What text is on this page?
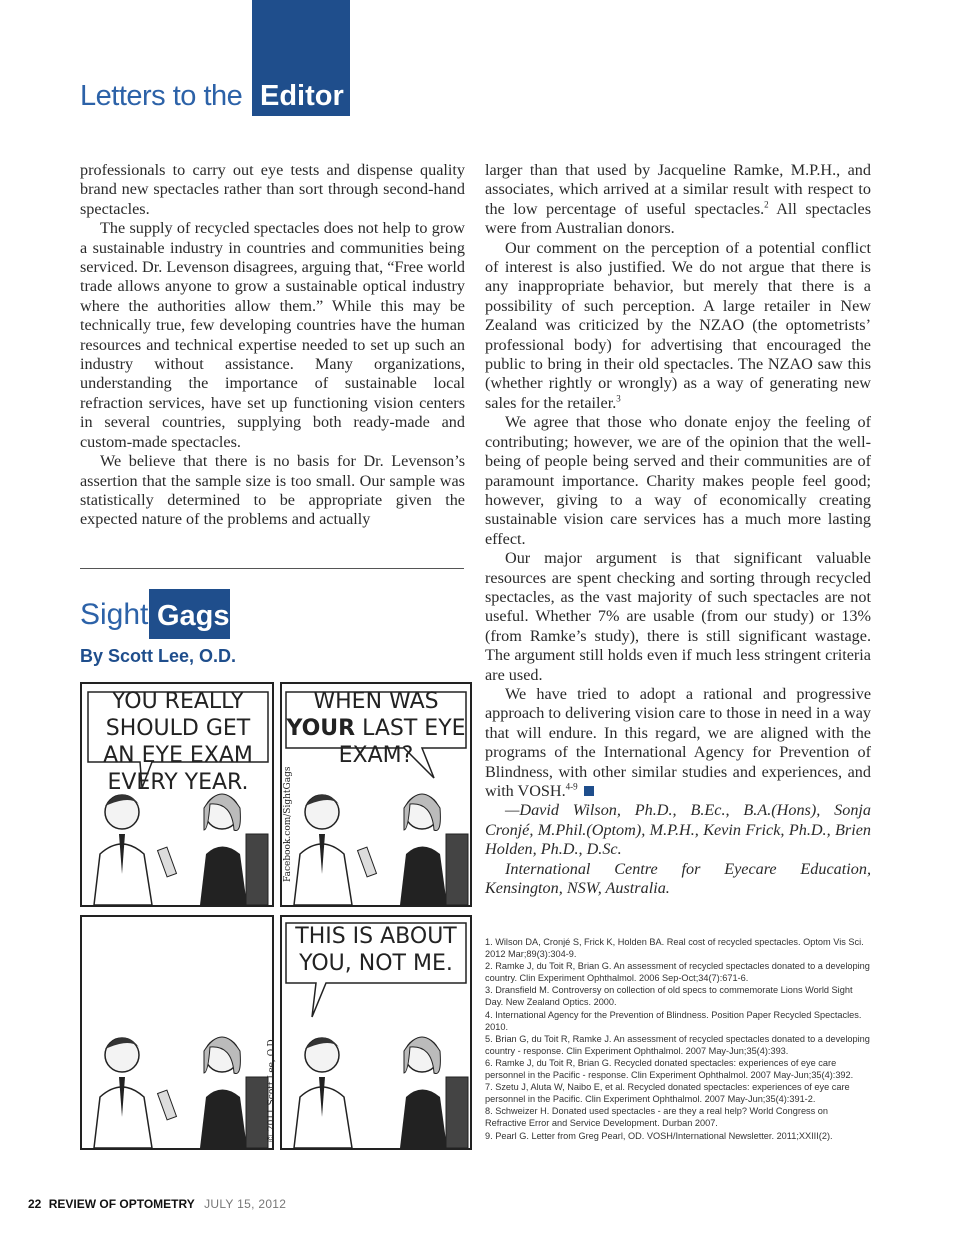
Letters to the Editor

professionals to carry out eye tests and dispense quality brand new spectacles rather than sort through second-hand spectacles.

The supply of recycled spectacles does not help to grow a sustainable industry in countries and communities being serviced. Dr. Levenson disagrees, arguing that, “Free world trade allows anyone to grow a sustainable optical industry where the authorities allow them.” While this may be technically true, few developing countries have the human resources and technical expertise needed to set up such an industry without assistance. Many organizations, understanding the importance of sustainable local refraction services, have set up functioning vision centers in several countries, supplying both ready-made and custom-made spectacles.

We believe that there is no basis for Dr. Levenson’s assertion that the sample size is too small. Our sample was statistically determined to be appropriate given the expected nature of the problems and actually

Sight Gags
By Scott Lee, O.D.
YOU REALLY SHOULD GET AN EYE EXAM EVERY YEAR.
WHEN WAS YOUR LAST EYE EXAM?
Facebook.com/SightGags
THIS IS ABOUT YOU, NOT ME.
© 2011 Scott Lee, O.D.

larger than that used by Jacqueline Ramke, M.P.H., and associates, which arrived at a similar result with respect to the low percentage of useful spectacles.$^2$ All spectacles were from Australian donors.

Our comment on the perception of a potential conflict of interest is also justified. We do not argue that there is any inappropriate behavior, but merely that there is a possibility of such perception. A large retailer in New Zealand was criticized by the NZAO (the optometrists’ professional body) for advertising that encouraged the public to bring in their old spectacles. The NZAO saw this (whether rightly or wrongly) as a way of generating new sales for the retailer.$^3$

We agree that those who donate enjoy the feeling of contributing; however, we are of the opinion that the well-being of people being served and their communities are of paramount importance. Charity makes people feel good; however, giving to a way of economically creating sustainable vision care services has a much more lasting effect.

Our major argument is that significant valuable resources are spent checking and sorting through recycled spectacles, as the vast majority of such spectacles are not useful. Whether 7% are usable (from our study) or 13% (from Ramke’s study), there is still significant wastage. The argument still holds even if much less stringent criteria are used.

We have tried to adopt a rational and progressive approach to delivering vision care to those in need in a way that will endure. In this regard, we are aligned with the programs of the International Agency for Prevention of Blindness, with other similar studies and experiences, and with VOSH.$^{4-9}$

—David Wilson, Ph.D., B.Ec., B.A.(Hons), Sonja Cronjé, M.Phil.(Optom), M.P.H., Kevin Frick, Ph.D., Brien Holden, Ph.D., D.Sc.

International Centre for Eyecare Education, Kensington, NSW, Australia.

1. Wilson DA, Cronjé S, Frick K, Holden BA. Real cost of recycled spectacles. Optom Vis Sci. 2012 Mar;89(3):304-9.
2. Ramke J, du Toit R, Brian G. An assessment of recycled spectacles donated to a developing country. Clin Experiment Ophthalmol. 2006 Sep-Oct;34(7):671-6.
3. Dransfield M. Controversy on collection of old specs to commemorate Lions World Sight Day. New Zealand Optics. 2000.
4. International Agency for the Prevention of Blindness. Position Paper Recycled Spectacles. 2010.
5. Brian G, du Toit R, Ramke J. An assessment of recycled spectacles donated to a developing country - response. Clin Experiment Ophthalmol. 2007 May-Jun;35(4):393.
6. Ramke J, du Toit R, Brian G. Recycled donated spectacles: experiences of eye care personnel in the Pacific - response. Clin Experiment Ophthalmol. 2007 May-Jun;35(4):392.
7. Szetu J, Aluta W, Naibo E, et al. Recycled donated spectacles: experiences of eye care personnel in the Pacific. Clin Experiment Ophthalmol. 2007 May-Jun;35(4):391-2.
8. Schweizer H. Donated used spectacles - are they a real help? World Congress on Refractive Error and Service Development. Durban 2007.
9. Pearl G. Letter from Greg Pearl, OD. VOSH/International Newsletter. 2011;XXIII(2).
22 REVIEW OF OPTOMETRY JULY 15, 2012
